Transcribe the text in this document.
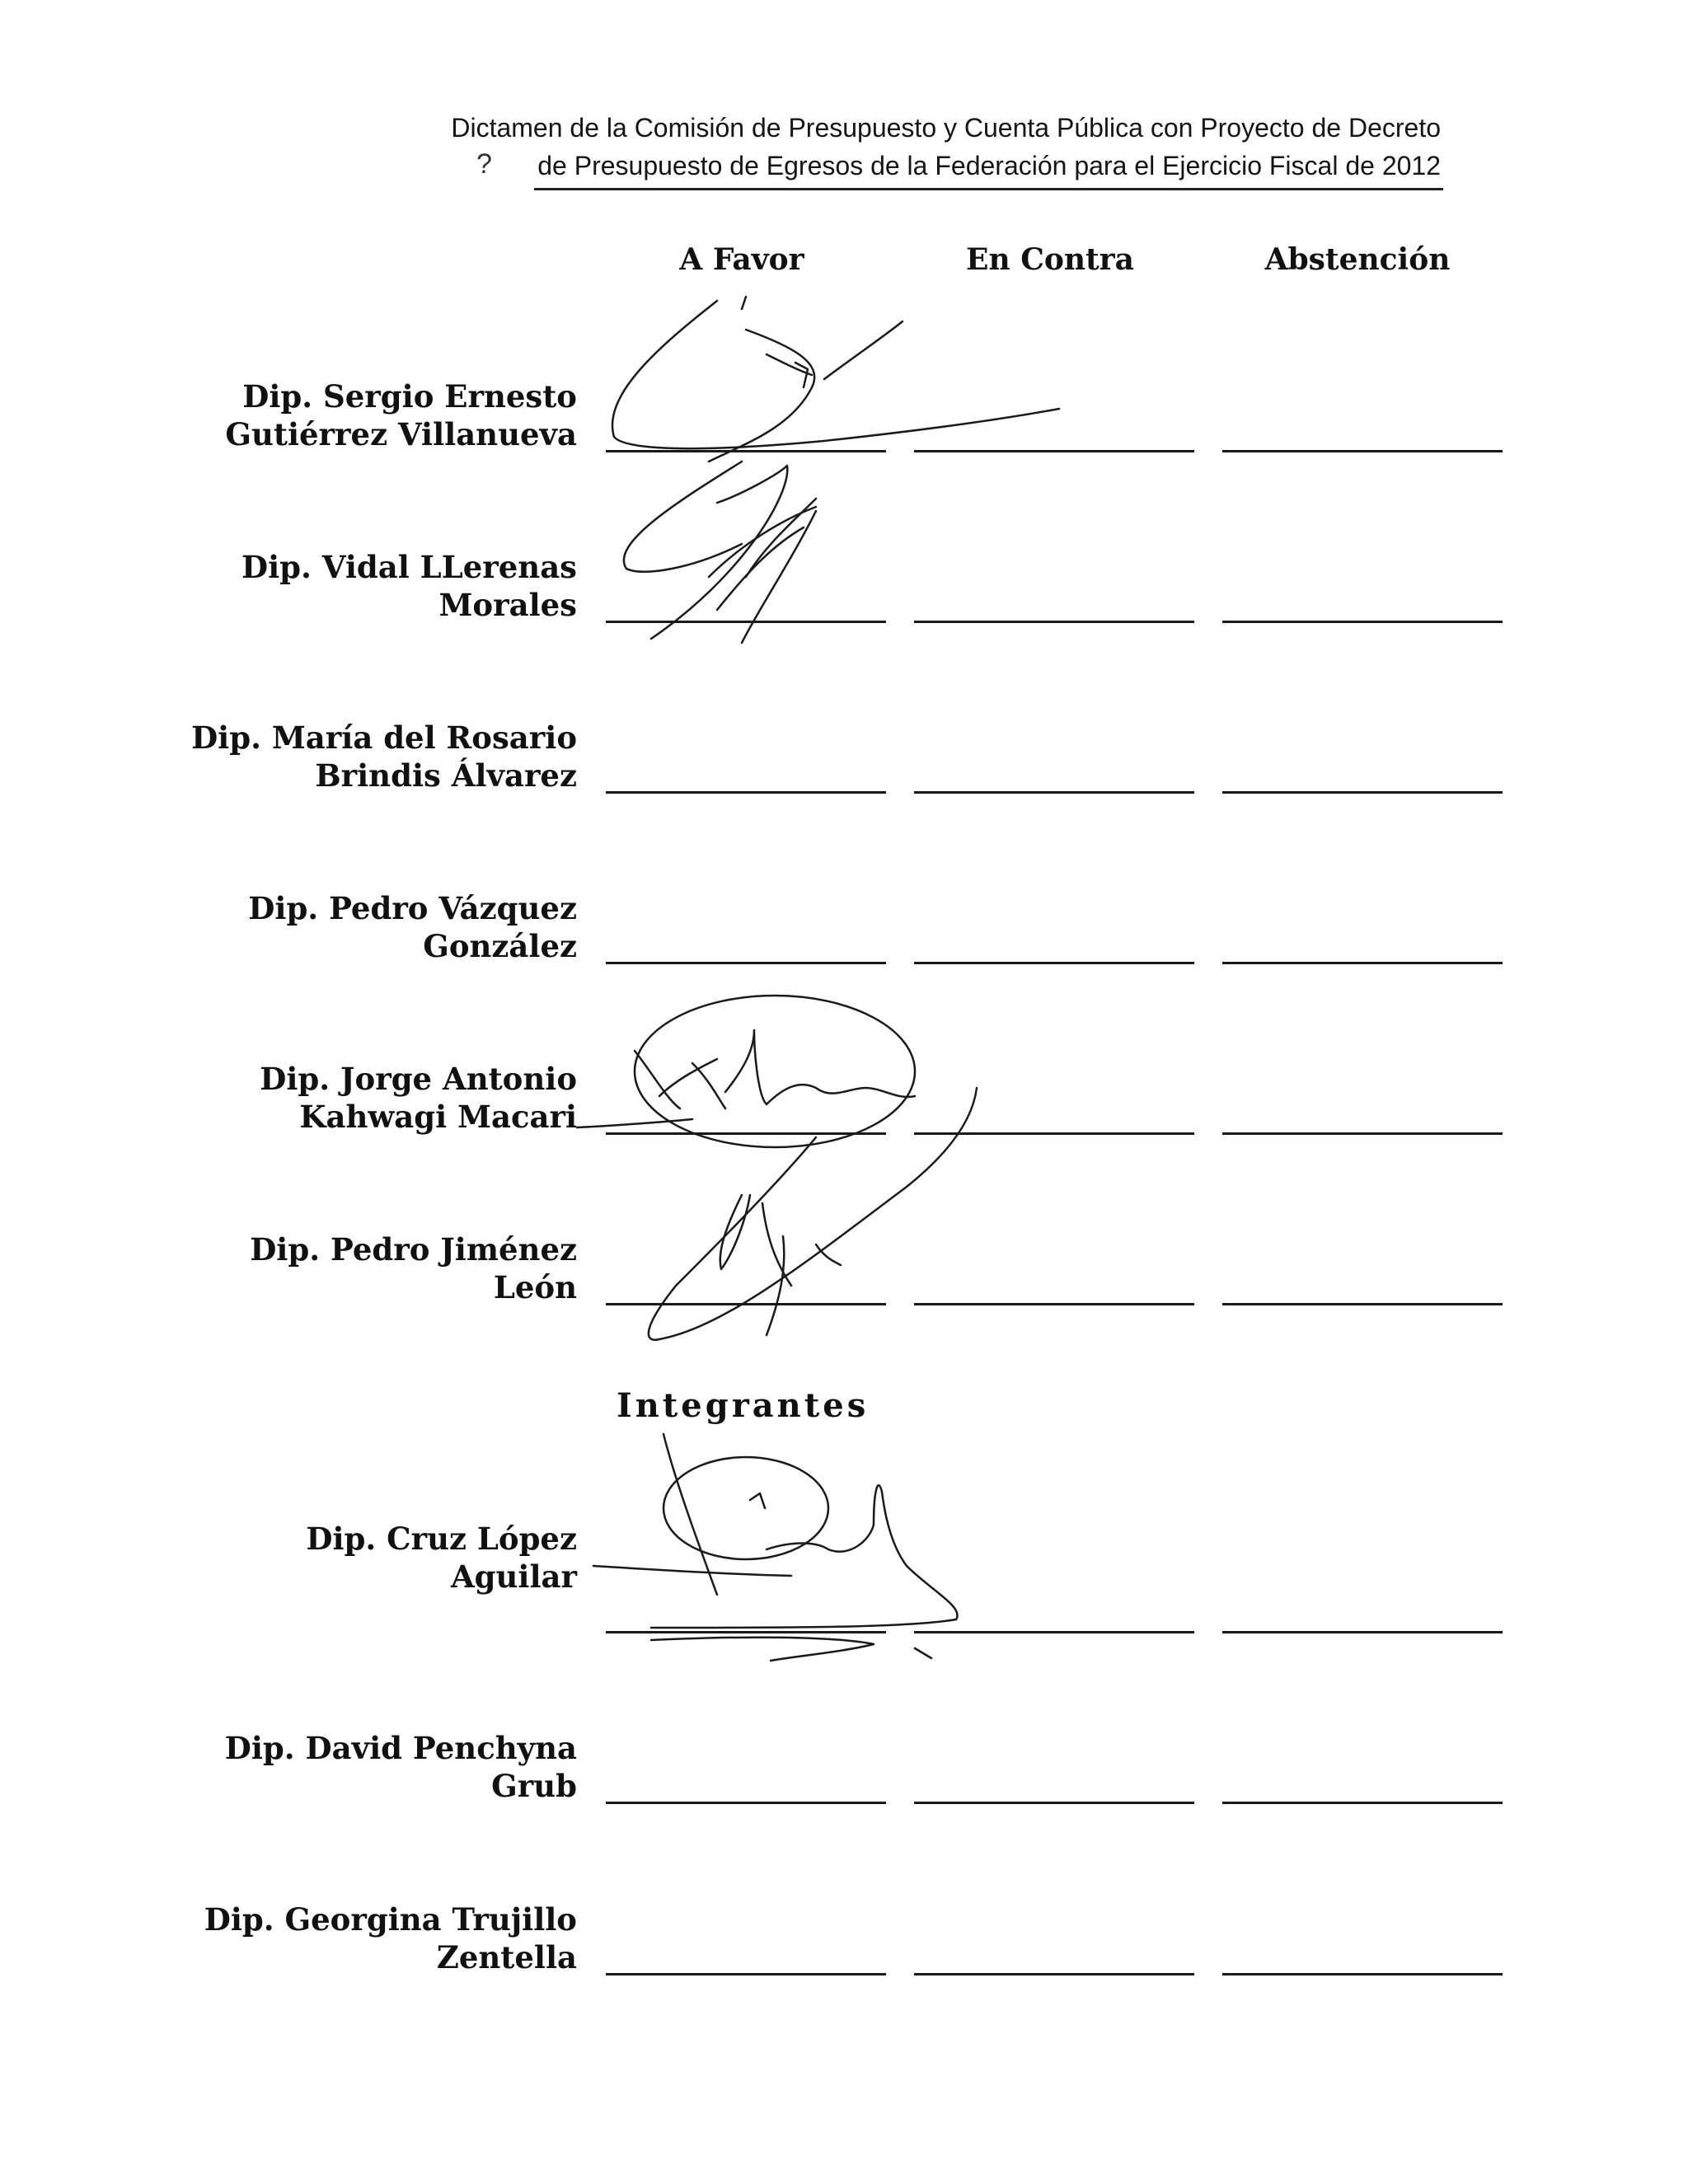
Dictamen de la Comisión de Presupuesto y Cuenta Pública con Proyecto de Decreto

de Presupuesto de Egresos de la Federación para el Ejercicio Fiscal de 2012
?
A Favor	En Contra	Abstención
Dip. Sergio Ernesto
Gutiérrez Villanueva
Dip. Vidal LLerenas
Morales
Dip. María del Rosario
Brindis Álvarez
Dip. Pedro Vázquez
González
Dip. Jorge Antonio
Kahwagi Macari
Dip. Pedro Jiménez
León
Integrantes
Dip. Cruz López
Aguilar
Dip. David Penchyna
Grub
Dip. Georgina Trujillo
Zentella
